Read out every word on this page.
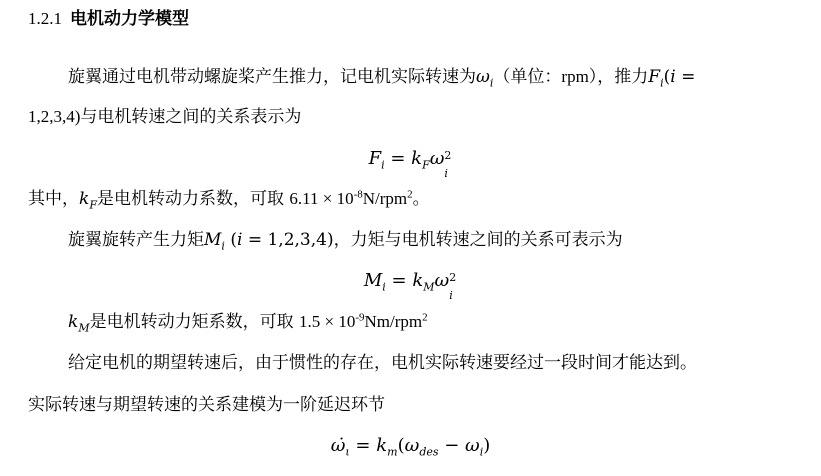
1.2.1 电机动力学模型
旋翼通过电机带动螺旋桨产生推力，记电机实际转速为$\omega_i$（单位：rpm），推力$F_i(i$ =
1,2,3,4)与电机转速之间的关系表示为
$F_i = k_F\omega$ 2
i
其中，$k_F$是电机转动力系数，可取 $6.11 \times 10^{-8}N/rpm^2$。
旋翼旋转产生力矩$M_i$ (i = 1,2,3,4)，力矩与电机转速之间的关系可表示为
$M_i = k_M\omega$ 2
i
$k_M$是电机转动力矩系数，可取 $1.5 \times 10^{-9}Nm/rpm^2$
给定电机的期望转速后，由于惯性的存在，电机实际转速要经过一段时间才能达到。
实际转速与期望转速的关系建模为一阶延迟环节
$\omegȧ_\iota = k_m(\omega_{des} - \omega_i)$
